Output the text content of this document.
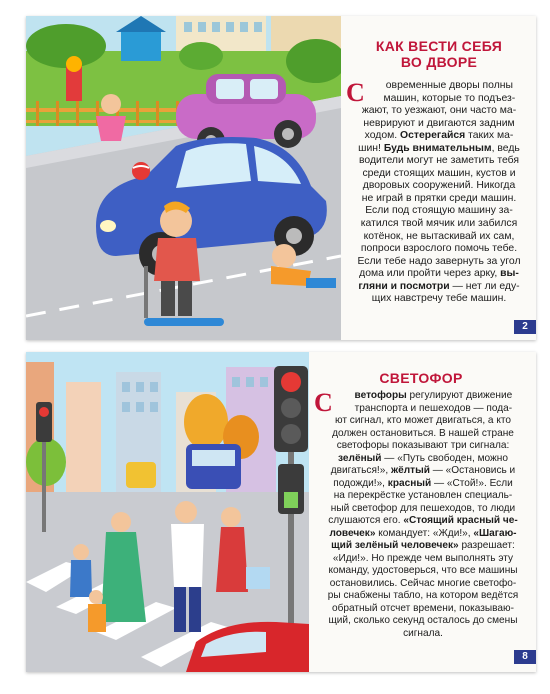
КАК ВЕСТИ СЕБЯ
ВО ДВОРЕ
С	овременные дворы полны
машин, которые то подъез-
жают, то уезжают, они часто ма-
неврируют и двигаются задним
ходом. Остерегайся таких ма-
шин! Будь внимательным, ведь
водители могут не заметить тебя
среди стоящих машин, кустов и
дворовых сооружений. Никогда
не играй в прятки среди машин.
Если под стоящую машину за-
катился твой мячик или забился
котёнок, не вытаскивай их сам,
попроси взрослого помочь тебе.
Если тебе надо завернуть за угол
дома или пройти через арку, вы-
гляни и посмотри — нет ли еду-
щих навстречу тебе машин.
2
СВЕТОФОР
С	ветофоры регулируют движение
транспорта и пешеходов — пода-
ют сигнал, кто может двигаться, а кто
должен остановиться. В нашей стране
светофоры показывают три сигнала:
зелёный — «Путь свободен, можно
двигаться!», жёлтый — «Остановись и
подожди!», красный — «Стой!». Если
на перекрёстке установлен специаль-
ный светофор для пешеходов, то люди
слушаются его. «Стоящий красный че-
ловечек» командует: «Жди!», «Шагаю-
щий зелёный человечек» разрешает:
«Иди!». Но прежде чем выполнять эту
команду, удостоверься, что все машины
остановились. Сейчас многие светофо-
ры снабжены табло, на котором ведётся
обратный отсчет времени, показываю-
щий, сколько секунд осталось до смены
сигнала.
8
